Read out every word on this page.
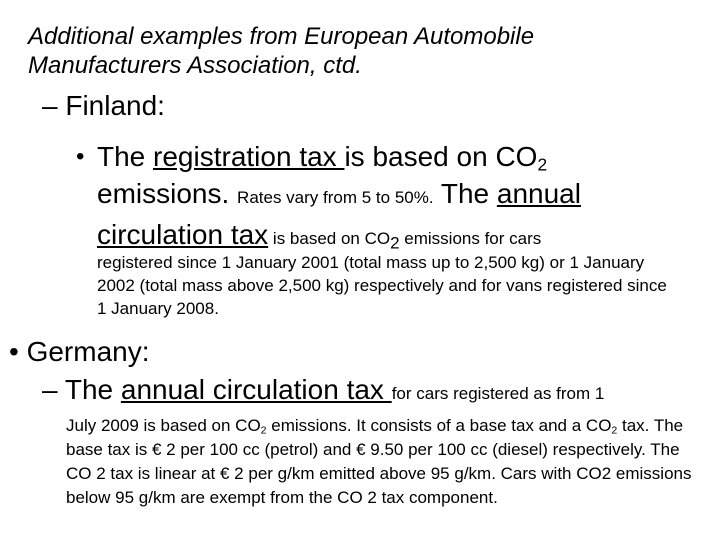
Additional examples from European Automobile
Manufacturers Association, ctd.
– Finland:
• The registration tax is based on $CO_2$
emissions. Rates vary from 5 to 50%. The annual circulation tax is based on $CO_2$ emissions for cars
registered since 1 January 2001 (total mass up to 2,500 kg) or 1 January 2002 (total mass above 2,500 kg) respectively and for vans registered since 1 January 2008.
• Germany:
– The annual circulation tax for cars registered as from 1
July 2009 is based on $CO_2$ emissions. It consists of a base tax and a $CO_2$ tax. The base tax is € 2 per 100 cc (petrol) and € 9.50 per 100 cc (diesel) respectively. The CO 2 tax is linear at € 2 per g/km emitted above 95 g/km. Cars with CO2 emissions below 95 g/km are exempt from the CO 2 tax component.
